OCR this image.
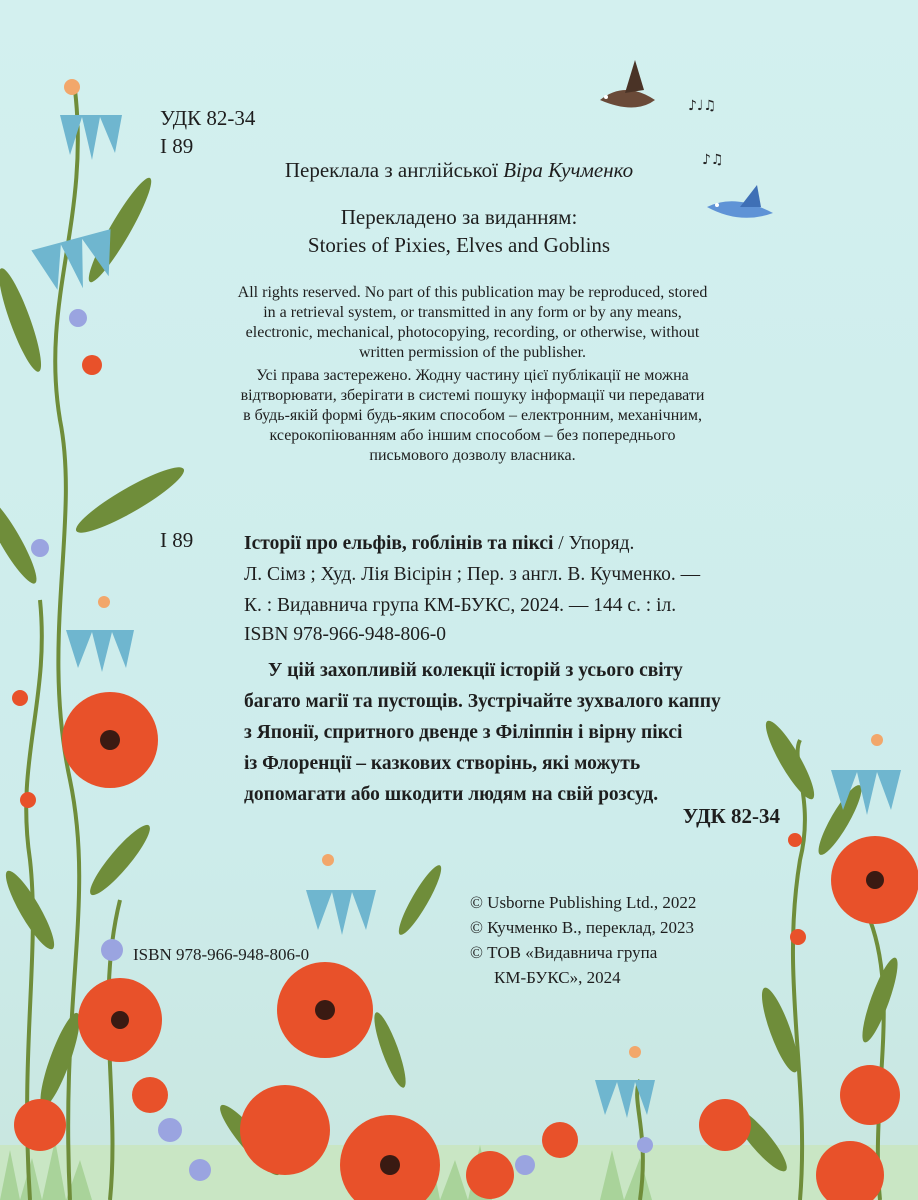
♪♩♫
♪♫
УДК 82-34
І 89

Переклала з англійської Віра Кучменко

Перекладено за виданням:
Stories of Pixies, Elves and Goblins
All rights reserved. No part of this publication may be reproduced, stored
in a retrieval system, or transmitted in any form or by any means,
electronic, mechanical, photocopying, recording, or otherwise, without
written permission of the publisher.
Усі права застережено. Жодну частину цієї публікації не можна
відтворювати, зберігати в системі пошуку інформації чи передавати
в будь-якій формі будь-яким способом – електронним, механічним,
ксерокопіюванням або іншим способом – без попереднього
письмового дозволу власника.
І 89	Історії про ельфів, гоблінів та піксі / Упоряд.
Л. Сімз ; Худ. Лія Вісірін ; Пер. з англ. В. Кучменко. —
К. : Видавнича група КМ-БУКС, 2024. — 144 с. : іл.
ISBN 978-966-948-806-0
У цій захопливій колекції історій з усього світу
багато магії та пустощів. Зустрічайте зухвалого каппу
з Японії, спритного двенде з Філіппін і вірну піксі
із Флоренції – казкових створінь, які можуть
допомагати або шкодити людям на свій розсуд.
УДК 82-34
ISBN 978-966-948-806-0
© Usborne Publishing Ltd., 2022
© Кучменко В., переклад, 2023
© ТОВ «Видавнича група
КМ-БУКС», 2024
